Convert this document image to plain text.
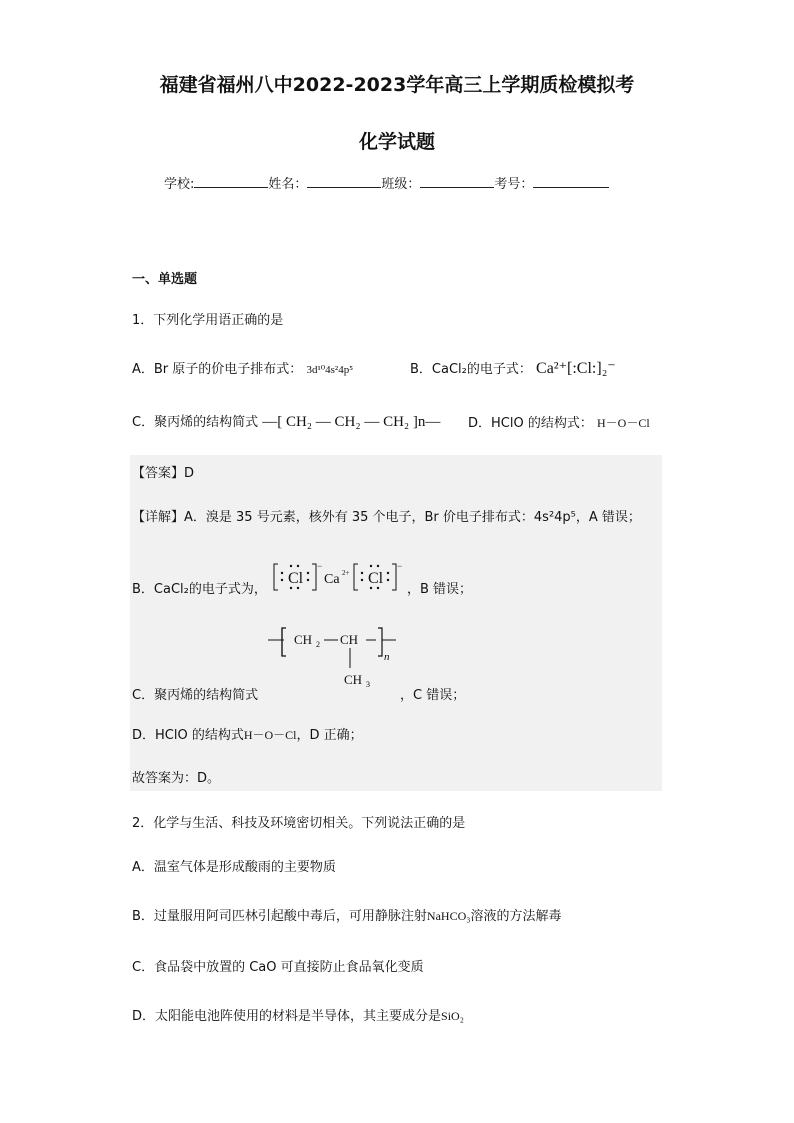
福建省福州八中2022-2023学年高三上学期质检模拟考
化学试题
学校:	姓名：	班级：	考号：
一、单选题
1．下列化学用语正确的是
A．Br 原子的价电子排布式： 3d¹⁰4s²4p⁵	B．CaCl₂的电子式： Ca²⁺[:Cl:]₂⁻
C．聚丙烯的结构简式 —[ CH₂ — CH₂ — CH₂ ]n— D．HClO 的结构式： H－O－Cl
【答案】D
【详解】A．溴是 35 号元素，核外有 35 个电子，Br 价电子排布式：4s²4p⁵，A 错误；
B．CaCl₂的电子式为，
Cl
−
Ca 2+ Cl
−
，B 错误；
CH 2 CH
n
CH 3
C．聚丙烯的结构简式	，C 错误；
D．HClO 的结构式H－O－Cl，D 正确；
故答案为：D。
2．化学与生活、科技及环境密切相关。下列说法正确的是
A．温室气体是形成酸雨的主要物质
B．过量服用阿司匹林引起酸中毒后，可用静脉注射NaHCO₃溶液的方法解毒
C．食品袋中放置的 CaO 可直接防止食品氧化变质
D．太阳能电池阵使用的材料是半导体，其主要成分是SiO₂
